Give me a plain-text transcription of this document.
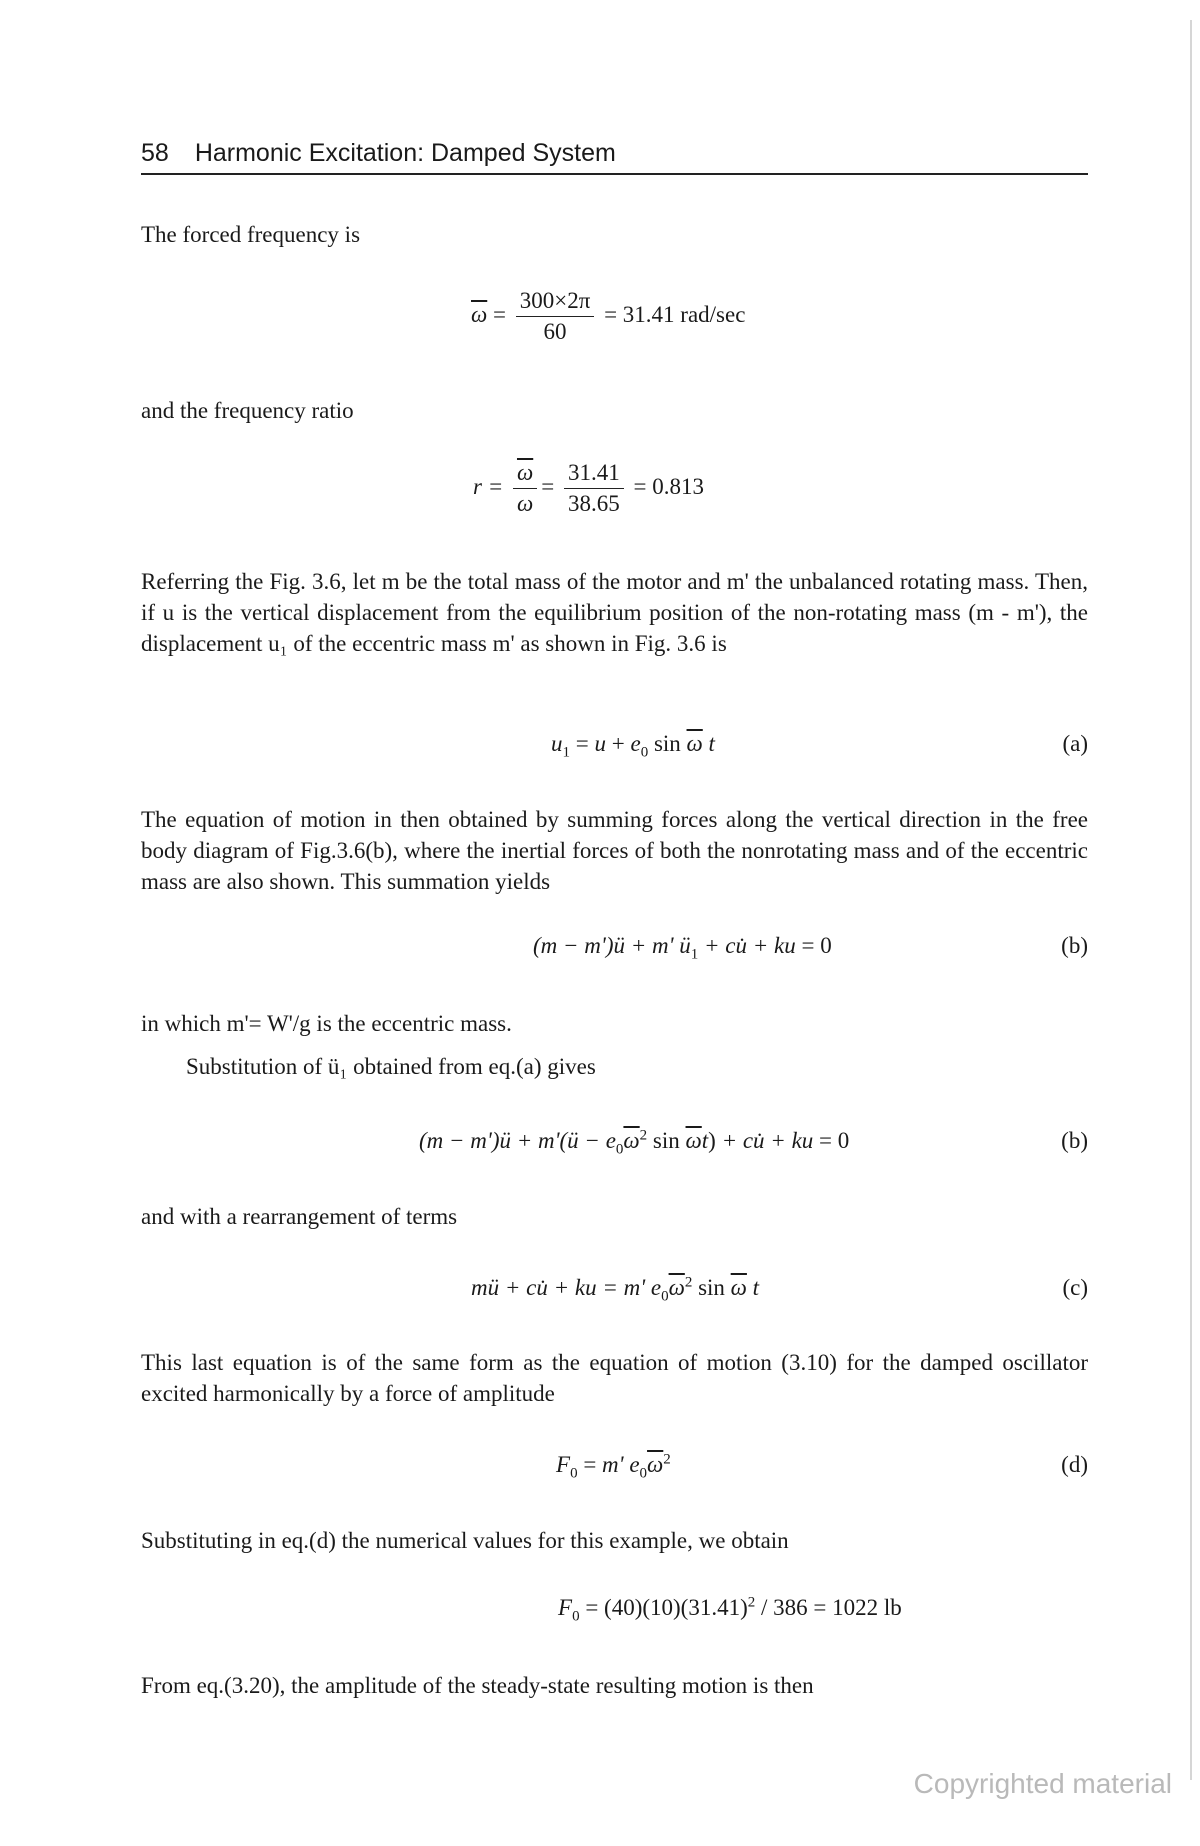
58 Harmonic Excitation: Damped System
The forced frequency is
$\overline{\omega} = \frac{300\times 2\pi}{60} = 31.41$ rad/sec
and the frequency ratio
$r = \frac{\overline{\omega}}{\omega} = \frac{31.41}{38.65} = 0.813$
Referring the Fig. 3.6, let m be the total mass of the motor and m' the unbalanced rotating mass. Then, if u is the vertical displacement from the equilibrium position of the non-rotating mass (m - m'), the displacement u₁ of the eccentric mass m' as shown in Fig. 3.6 is
$u_1 = u + e_0$ $\sin \overline{\omega}$ t	(a)
The equation of motion in then obtained by summing forces along the vertical direction in the free body diagram of Fig.3.6(b), where the inertial forces of both the nonrotating mass and of the eccentric mass are also shown. This summation yields
(m − m')ü + m' $ü_1$ + cu̇ + ku = 0	(b)
in which m'= W'/g is the eccentric mass.
Substitution of ü₁ obtained from eq.(a) gives
(m − m')ü + m'(ü − $e_0\overline{\omega}^2$ $\sin \overline{\omega}t$) + cu̇ + ku = 0	(b)
and with a rearrangement of terms
mü + cu̇ + ku = m' $e_0\overline{\omega}^2$ $\sin \overline{\omega}$ t	(c)
This last equation is of the same form as the equation of motion (3.10) for the damped oscillator excited harmonically by a force of amplitude
$F_0 = m'$ $e_0\overline{\omega}^2$	(d)
Substituting in eq.(d) the numerical values for this example, we obtain
$F_0 = (40)(10)(31.41)^2 / 386 = 1022$ lb
From eq.(3.20), the amplitude of the steady-state resulting motion is then
Copyrighted material
